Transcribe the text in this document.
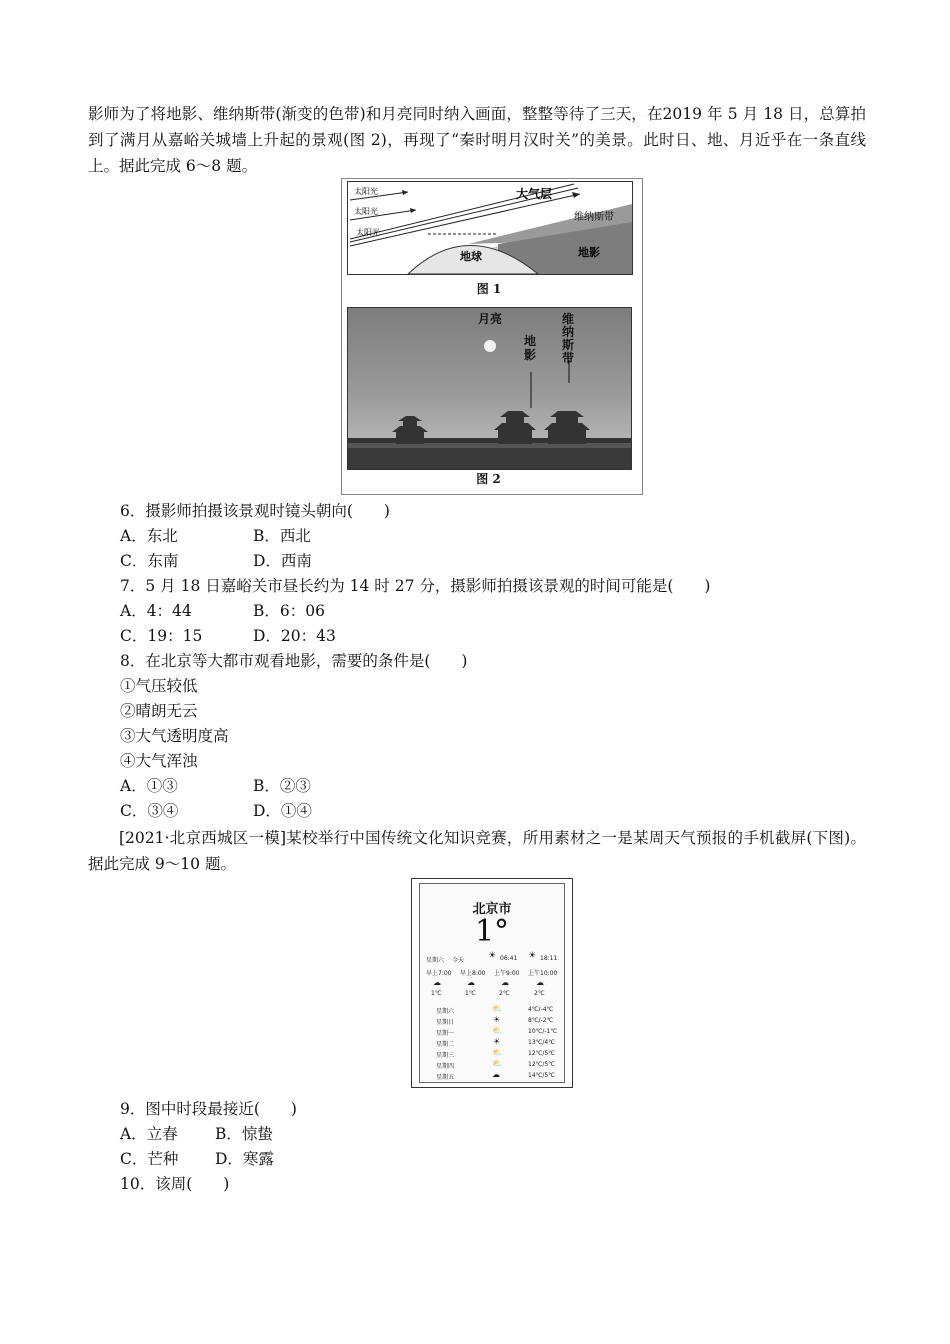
影师为了将地影、维纳斯带(渐变的色带)和月亮同时纳入画面，整整等待了三天，在2019 年 5 月 18 日，总算拍到了满月从嘉峪关城墙上升起的景观(图 2)，再现了“秦时明月汉时关”的美景。此时日、地、月近乎在一条直线上。据此完成 6～8 题。

太阳光
太阳光
太阳光
大气层
维纳斯带
地球	地影
图 1
月亮
地影
维纳斯带
图 2
6．摄影师拍摄该景观时镜头朝向(　　)
A．东北	B．西北
C．东南	D．西南
7．5 月 18 日嘉峪关市昼长约为 14 时 27 分，摄影师拍摄该景观的时间可能是(　　)
A．4：44	B．6：06
C．19：15	D．20：43
8．在北京等大都市观看地影，需要的条件是(　　)
①气压较低
②晴朗无云
③大气透明度高
④大气浑浊
A．①③	B．②③
C．③④	D．①④

[2021·北京西城区一模]某校举行中国传统文化知识竞赛，所用素材之一是某周天气预报的手机截屏(下图)。据此完成 9～10 题。

北京市
1°
星期六 今天	☀ 06:41 ☀ 18:11
早上7:00 早上8:00 上午9:00 上午10:00
☁	☁	☁	☁
1℃	1℃	2℃	2℃
星期六	⛅	4℃/-4℃
星期日	☀	8℃/-2℃
星期一	⛅	10℃/-1℃
星期二	☀	13℃/4℃
星期三	⛅	12℃/5℃
星期四	⛅	12℃/5℃
星期五	☁	14℃/5℃
9．图中时段最接近(　　)
A．立春 B．惊蛰
C．芒种 D．寒露
10．该周(　　)
